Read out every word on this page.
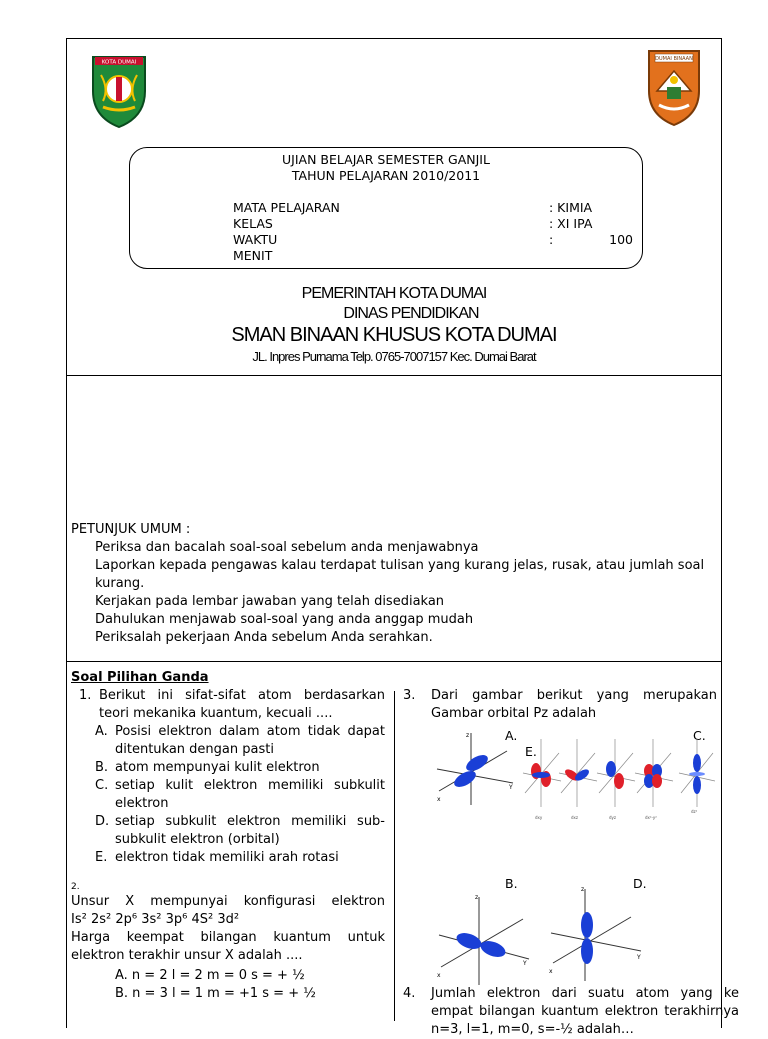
KOTA DUMAI
DUMAI BINAAN
UJIAN BELAJAR SEMESTER GANJIL
TAHUN PELAJARAN 2010/2011
MATA PELAJARAN	: KIMIA
KELAS	: XI IPA
WAKTU	:	100
MENIT
PEMERINTAH KOTA DUMAI
DINAS PENDIDIKAN
SMAN BINAAN KHUSUS KOTA DUMAI
JL. Inpres Purnama Telp. 0765-7007157 Kec. Dumai Barat
PETUNJUK UMUM :
Periksa dan bacalah soal-soal sebelum anda menjawabnya
Laporkan kepada pengawas kalau terdapat tulisan yang kurang jelas, rusak, atau jumlah soal kurang.
Kerjakan pada lembar jawaban yang telah disediakan
Dahulukan menjawab soal-soal yang anda anggap mudah
Periksalah pekerjaan Anda sebelum Anda serahkan.
Soal Pilihan Ganda
1. Berikut ini sifat-sifat atom berdasarkan teori mekanika kuantum, kecuali ....
A. Posisi elektron dalam atom tidak dapat ditentukan dengan pasti
B. atom mempunyai kulit elektron
C. setiap kulit elektron memiliki subkulit elektron
D. setiap subkulit elektron memiliki sub-subkulit elektron (orbital)
E. elektron tidak memiliki arah rotasi
2.
Unsur X mempunyai konfigurasi elektron
Is² 2s² 2p⁶ 3s² 3p⁶ 4S² 3d²
Harga keempat bilangan kuantum untuk elektron terakhir unsur X adalah ....
A. n = 2 l = 2 m = 0 s = + ½
B. n = 3 l = 1 m = +1 s = + ½
3. Dari gambar berikut yang merupakan Gambar orbital Pz adalah
A.	C.
E.
B.	D.
z
x
Y
dxy	dxz	dyz	dx²-y²
dz²
z
x
Y
z
x
Y
4. Jumlah elektron dari suatu atom yang ke empat bilangan kuantum elektron terakhirnya n=3, l=1, m=0, s=-½ adalah…
